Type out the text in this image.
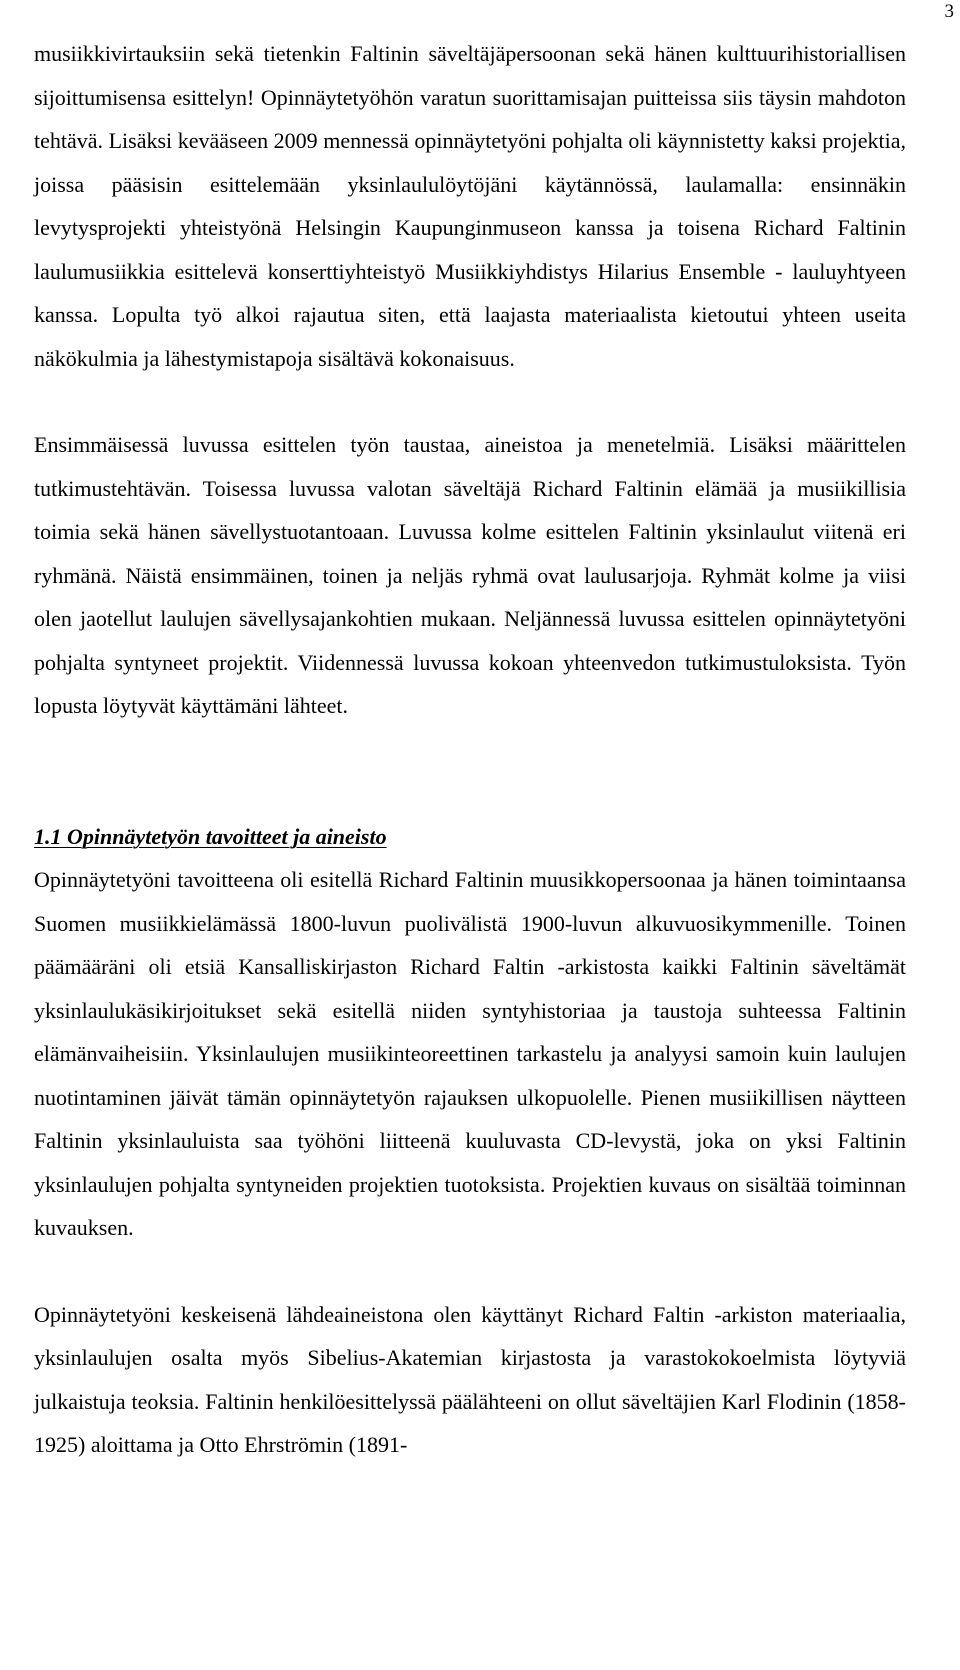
3

musiikkivirtauksiin sekä tietenkin Faltinin säveltäjäpersoonan sekä hänen kulttuurihistoriallisen sijoittumisensa esittelyn! Opinnäytetyöhön varatun suorittamisajan puitteissa siis täysin mahdoton tehtävä. Lisäksi kevääseen 2009 mennessä opinnäytetyöni pohjalta oli käynnistetty kaksi projektia, joissa pääsisin esittelemään yksinlaululöytöjäni käytännössä, laulamalla: ensinnäkin levytysprojekti yhteistyönä Helsingin Kaupunginmuseon kanssa ja toisena Richard Faltinin laulumusiikkia esittelevä konserttiyhteistyö Musiikkiyhdistys Hilarius Ensemble - lauluyhtyeen kanssa. Lopulta työ alkoi rajautua siten, että laajasta materiaalista kietoutui yhteen useita näkökulmia ja lähestymistapoja sisältävä kokonaisuus.

Ensimmäisessä luvussa esittelen työn taustaa, aineistoa ja menetelmiä. Lisäksi määrittelen tutkimustehtävän. Toisessa luvussa valotan säveltäjä Richard Faltinin elämää ja musiikillisia toimia sekä hänen sävellystuotantoaan. Luvussa kolme esittelen Faltinin yksinlaulut viitenä eri ryhmänä. Näistä ensimmäinen, toinen ja neljäs ryhmä ovat laulusarjoja. Ryhmät kolme ja viisi olen jaotellut laulujen sävellysajankohtien mukaan. Neljännessä luvussa esittelen opinnäytetyöni pohjalta syntyneet projektit. Viidennessä luvussa kokoan yhteenvedon tutkimustuloksista. Työn lopusta löytyvät käyttämäni lähteet.

1.1 Opinnäytetyön tavoitteet ja aineisto

Opinnäytetyöni tavoitteena oli esitellä Richard Faltinin muusikkopersoonaa ja hänen toimintaansa Suomen musiikkielämässä 1800-luvun puolivälistä 1900-luvun alkuvuosikymmenille. Toinen päämääräni oli etsiä Kansalliskirjaston Richard Faltin -arkistosta kaikki Faltinin säveltämät yksinlaulukäsikirjoitukset sekä esitellä niiden syntyhistoriaa ja taustoja suhteessa Faltinin elämänvaiheisiin. Yksinlaulujen musiikinteoreettinen tarkastelu ja analyysi samoin kuin laulujen nuotintaminen jäivät tämän opinnäytetyön rajauksen ulkopuolelle. Pienen musiikillisen näytteen Faltinin yksinlauluista saa työhöni liitteenä kuuluvasta CD-levystä, joka on yksi Faltinin yksinlaulujen pohjalta syntyneiden projektien tuotoksista. Projektien kuvaus on sisältää toiminnan kuvauksen.

Opinnäytetyöni keskeisenä lähdeaineistona olen käyttänyt Richard Faltin -arkiston materiaalia, yksinlaulujen osalta myös Sibelius-Akatemian kirjastosta ja varastokokoelmista löytyviä julkaistuja teoksia. Faltinin henkilöesittelyssä päälähteeni on ollut säveltäjien Karl Flodinin (1858-1925) aloittama ja Otto Ehrströmin (1891-
